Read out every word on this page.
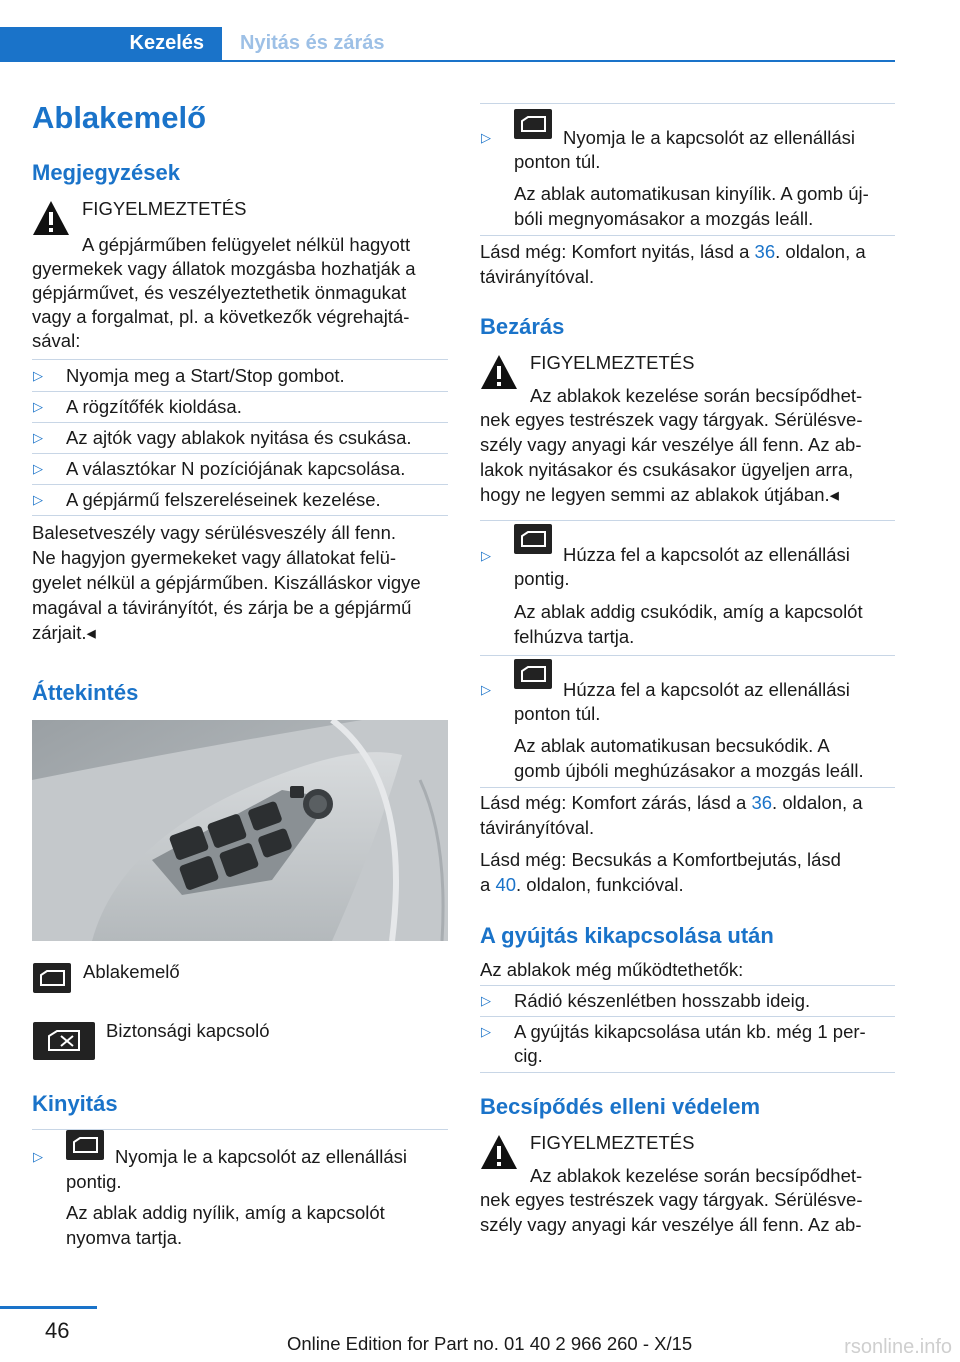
Kezelés	Nyitás és zárás
Ablakemelő
Megjegyzések
FIGYELMEZTETÉS
A gépjárműben felügyelet nélkül hagyott
gyermekek vagy állatok mozgásba hozhatják a
gépjárművet, és veszélyeztethetik önmagukat
vagy a forgalmat, pl. a következők végrehajtá-
sával:
▷ Nyomja meg a Start/Stop gombot.
▷ A rögzítőfék kioldása.
▷ Az ajtók vagy ablakok nyitása és csukása.
▷ A választókar N pozíciójának kapcsolása.
▷ A gépjármű felszereléseinek kezelése.
Balesetveszély vagy sérülésveszély áll fenn.
Ne hagyjon gyermekeket vagy állatokat felü-
gyelet nélkül a gépjárműben. Kiszálláskor vigye
magával a távirányítót, és zárja be a gépjármű
zárjait.◂
Áttekintés
Ablakemelő
Biztonsági kapcsoló
Kinyitás
▷	Nyomja le a kapcsolót az ellenállási
pontig.
Az ablak addig nyílik, amíg a kapcsolót
nyomva tartja.
▷	Nyomja le a kapcsolót az ellenállási
ponton túl.
Az ablak automatikusan kinyílik. A gomb új-
bóli megnyomásakor a mozgás leáll.
Lásd még: Komfort nyitás, lásd a 36. oldalon, a
távirányítóval.
Bezárás
FIGYELMEZTETÉS
Az ablakok kezelése során becsípődhet-
nek egyes testrészek vagy tárgyak. Sérülésve-
szély vagy anyagi kár veszélye áll fenn. Az ab-
lakok nyitásakor és csukásakor ügyeljen arra,
hogy ne legyen semmi az ablakok útjában.◂
▷	Húzza fel a kapcsolót az ellenállási
pontig.
Az ablak addig csukódik, amíg a kapcsolót
felhúzva tartja.
▷	Húzza fel a kapcsolót az ellenállási
ponton túl.
Az ablak automatikusan becsukódik. A
gomb újbóli meghúzásakor a mozgás leáll.
Lásd még: Komfort zárás, lásd a 36. oldalon, a
távirányítóval.
Lásd még: Becsukás a Komfortbejutás, lásd
a 40. oldalon, funkcióval.
A gyújtás kikapcsolása után
Az ablakok még működtethetők:
▷ Rádió készenlétben hosszabb ideig.
▷ A gyújtás kikapcsolása után kb. még 1 per-
cig.
Becsípődés elleni védelem
FIGYELMEZTETÉS
Az ablakok kezelése során becsípődhet-
nek egyes testrészek vagy tárgyak. Sérülésve-
szély vagy anyagi kár veszélye áll fenn. Az ab-
46
Online Edition for Part no. 01 40 2 966 260 - X/15	rsonline.info
